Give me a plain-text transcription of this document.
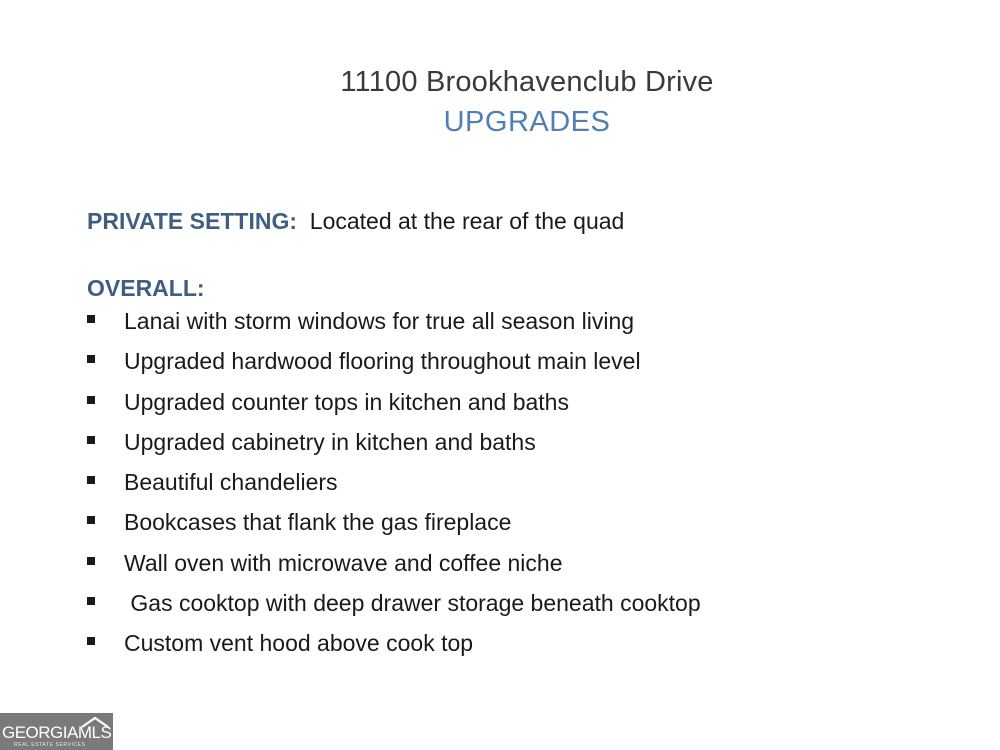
11100 Brookhavenclub Drive
UPGRADES
PRIVATE SETTING: Located at the rear of the quad
OVERALL:
Lanai with storm windows for true all season living
Upgraded hardwood flooring throughout main level
Upgraded counter tops in kitchen and baths
Upgraded cabinetry in kitchen and baths
Beautiful chandeliers
Bookcases that flank the gas fireplace
Wall oven with microwave and coffee niche
Gas cooktop with deep drawer storage beneath cooktop
Custom vent hood above cook top
GEORGIAMLS
REAL ESTATE SERVICES
